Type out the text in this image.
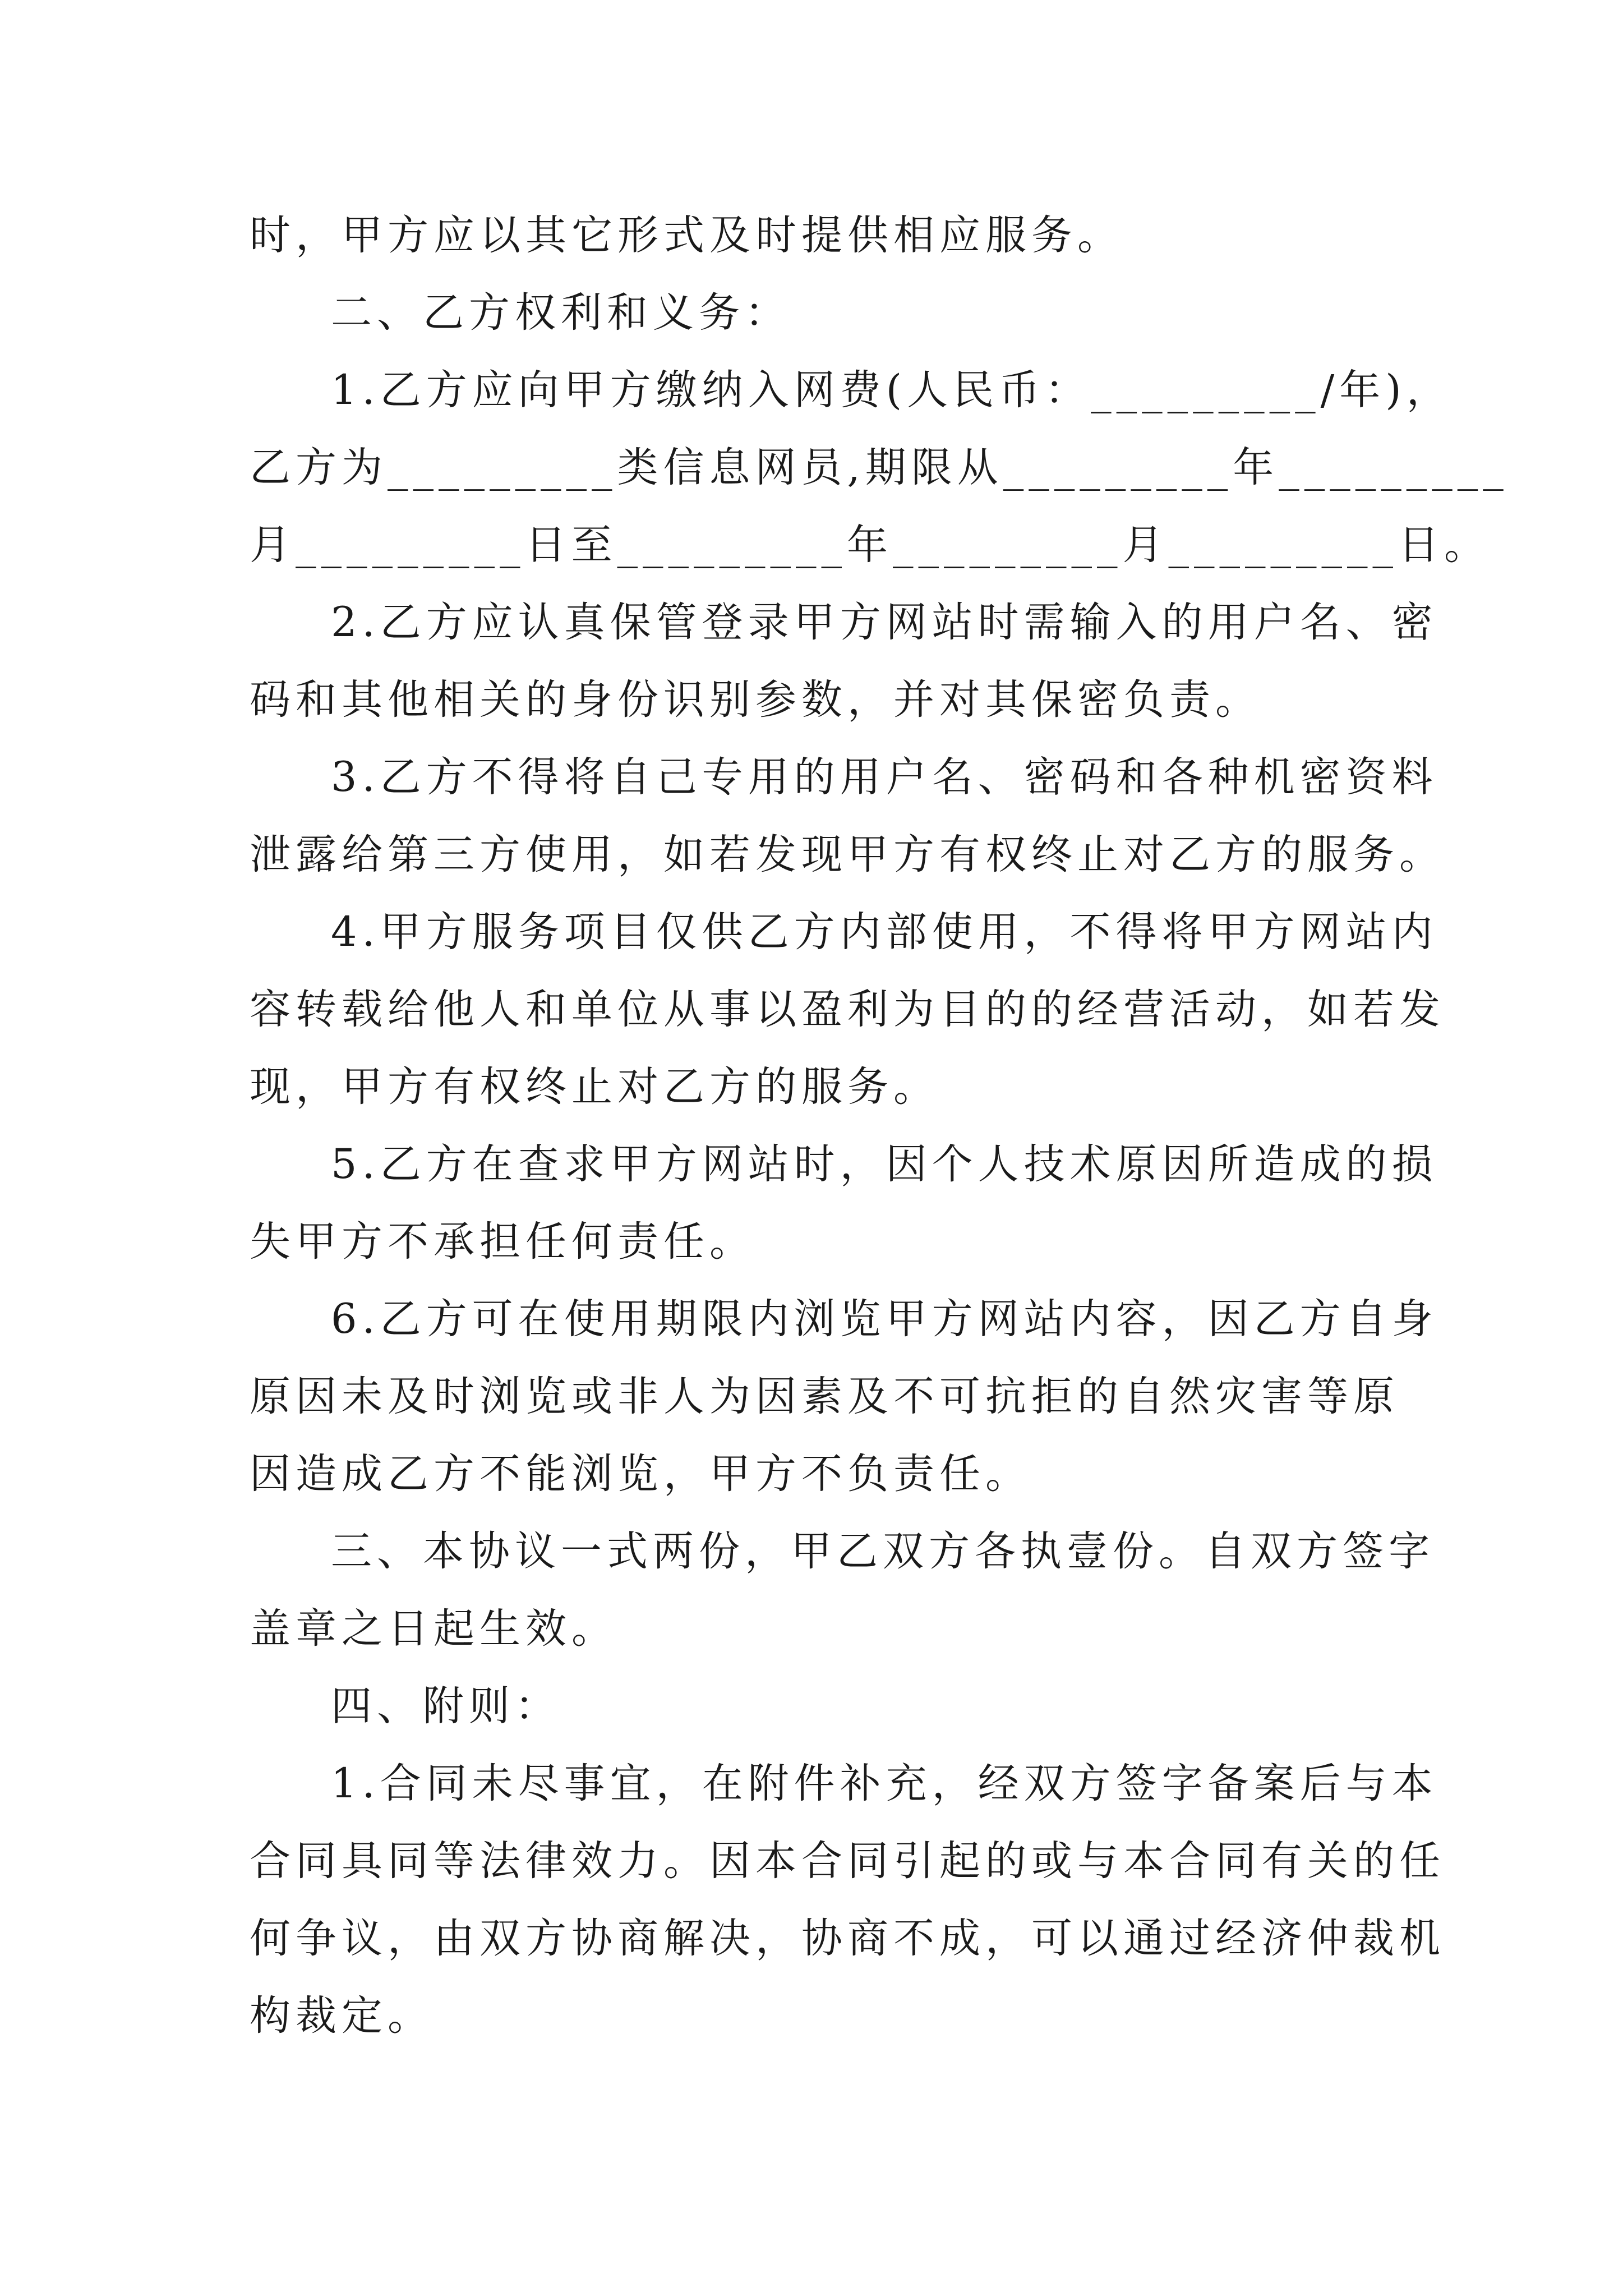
时，甲方应以其它形式及时提供相应服务。
二、乙方权利和义务：
1.乙方应向甲方缴纳入网费(人民币：_________/年)，
乙方为_________类信息网员,期限从_________年_________
月_________日至_________年_________月_________日。
2.乙方应认真保管登录甲方网站时需输入的用户名、密
码和其他相关的身份识别参数，并对其保密负责。
3.乙方不得将自己专用的用户名、密码和各种机密资料
泄露给第三方使用，如若发现甲方有权终止对乙方的服务。
4.甲方服务项目仅供乙方内部使用，不得将甲方网站内
容转载给他人和单位从事以盈利为目的的经营活动，如若发
现，甲方有权终止对乙方的服务。
5.乙方在查求甲方网站时，因个人技术原因所造成的损
失甲方不承担任何责任。
6.乙方可在使用期限内浏览甲方网站内容，因乙方自身
原因未及时浏览或非人为因素及不可抗拒的自然灾害等原
因造成乙方不能浏览，甲方不负责任。
三、本协议一式两份，甲乙双方各执壹份。自双方签字
盖章之日起生效。
四、附则：
1.合同未尽事宜，在附件补充，经双方签字备案后与本
合同具同等法律效力。因本合同引起的或与本合同有关的任
何争议，由双方协商解决，协商不成，可以通过经济仲裁机
构裁定。
